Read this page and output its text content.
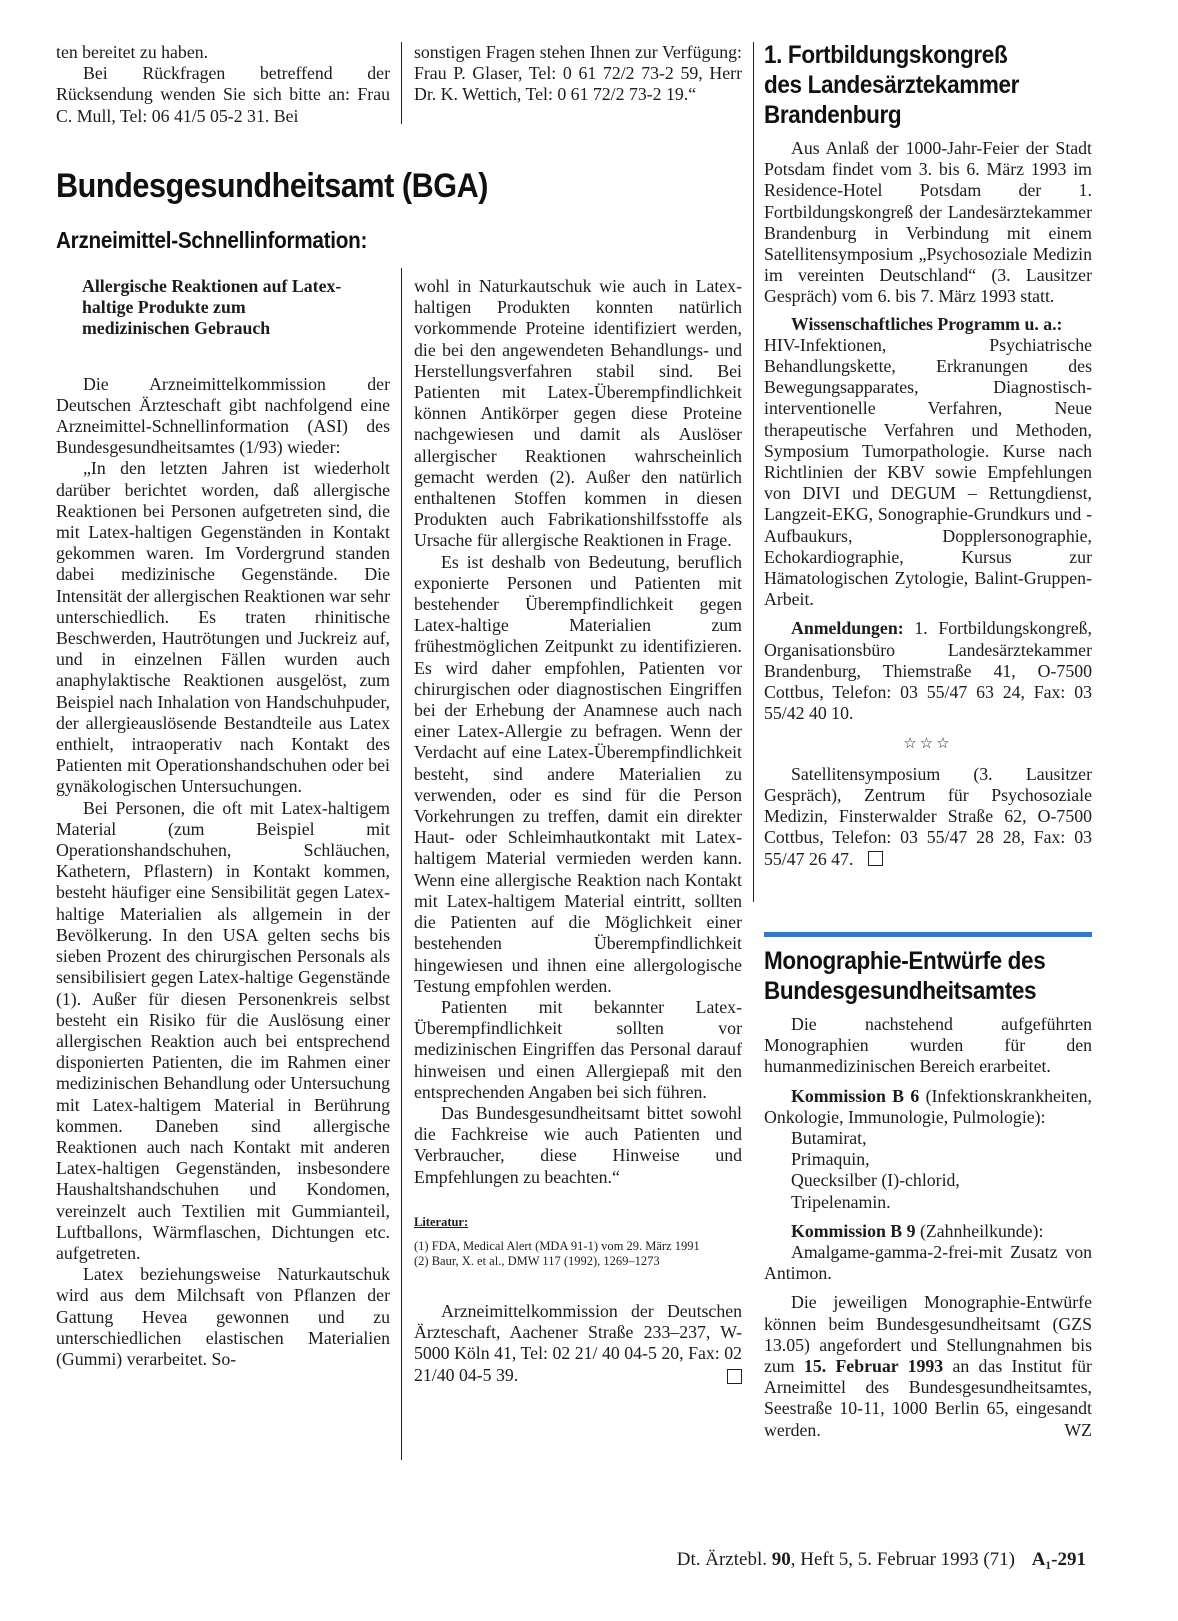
ten bereitet zu haben.

Bei Rückfragen betreffend der Rücksendung wenden Sie sich bitte an: Frau C. Mull, Tel: 06 41/5 05-2 31. Bei

sonstigen Fragen stehen Ihnen zur Verfügung: Frau P. Glaser, Tel: 0 61 72/2 73-2 59, Herr Dr. K. Wettich, Tel: 0 61 72/2 73-2 19.“

Bundesgesundheitsamt (BGA)
Arzneimittel-Schnellinformation:

Allergische Reaktionen auf Latex-haltige Produkte zum medizinischen Gebrauch

Die Arzneimittelkommission der Deutschen Ärzteschaft gibt nachfolgend eine Arzneimittel-Schnellinformation (ASI) des Bundesgesundheitsamtes (1/93) wieder:

„In den letzten Jahren ist wiederholt darüber berichtet worden, daß allergische Reaktionen bei Personen aufgetreten sind, die mit Latex-haltigen Gegenständen in Kontakt gekommen waren. Im Vordergrund standen dabei medizinische Gegenstände. Die Intensität der allergischen Reaktionen war sehr unterschiedlich. Es traten rhinitische Beschwerden, Hautrötungen und Juckreiz auf, und in einzelnen Fällen wurden auch anaphylaktische Reaktionen ausgelöst, zum Beispiel nach Inhalation von Handschuhpuder, der allergieauslösende Bestandteile aus Latex enthielt, intraoperativ nach Kontakt des Patienten mit Operationshandschuhen oder bei gynäkologischen Untersuchungen.

Bei Personen, die oft mit Latex-haltigem Material (zum Beispiel mit Operationshandschuhen, Schläuchen, Kathetern, Pflastern) in Kontakt kommen, besteht häufiger eine Sensibilität gegen Latex-haltige Materialien als allgemein in der Bevölkerung. In den USA gelten sechs bis sieben Prozent des chirurgischen Personals als sensibilisiert gegen Latex-haltige Gegenstände (1). Außer für diesen Personenkreis selbst besteht ein Risiko für die Auslösung einer allergischen Reaktion auch bei entsprechend disponierten Patienten, die im Rahmen einer medizinischen Behandlung oder Untersuchung mit Latex-haltigem Material in Berührung kommen. Daneben sind allergische Reaktionen auch nach Kontakt mit anderen Latex-haltigen Gegenständen, insbesondere Haushaltshandschuhen und Kondomen, vereinzelt auch Textilien mit Gummianteil, Luftballons, Wärmflaschen, Dichtungen etc. aufgetreten.

Latex beziehungsweise Naturkautschuk wird aus dem Milchsaft von Pflanzen der Gattung Hevea gewonnen und zu unterschiedlichen elastischen Materialien (Gummi) verarbeitet. So-

wohl in Naturkautschuk wie auch in Latex-haltigen Produkten konnten natürlich vorkommende Proteine identifiziert werden, die bei den angewendeten Behandlungs- und Herstellungsverfahren stabil sind. Bei Patienten mit Latex-Überempfindlichkeit können Antikörper gegen diese Proteine nachgewiesen und damit als Auslöser allergischer Reaktionen wahrscheinlich gemacht werden (2). Außer den natürlich enthaltenen Stoffen kommen in diesen Produkten auch Fabrikationshilfsstoffe als Ursache für allergische Reaktionen in Frage.

Es ist deshalb von Bedeutung, beruflich exponierte Personen und Patienten mit bestehender Überempfindlichkeit gegen Latex-haltige Materialien zum frühestmöglichen Zeitpunkt zu identifizieren. Es wird daher empfohlen, Patienten vor chirurgischen oder diagnostischen Eingriffen bei der Erhebung der Anamnese auch nach einer Latex-Allergie zu befragen. Wenn der Verdacht auf eine Latex-Überempfindlichkeit besteht, sind andere Materialien zu verwenden, oder es sind für die Person Vorkehrungen zu treffen, damit ein direkter Haut- oder Schleimhautkontakt mit Latex-haltigem Material vermieden werden kann. Wenn eine allergische Reaktion nach Kontakt mit Latex-haltigem Material eintritt, sollten die Patienten auf die Möglichkeit einer bestehenden Überempfindlichkeit hingewiesen und ihnen eine allergologische Testung empfohlen werden.

Patienten mit bekannter Latex-Überempfindlichkeit sollten vor medizinischen Eingriffen das Personal darauf hinweisen und einen Allergiepaß mit den entsprechenden Angaben bei sich führen.

Das Bundesgesundheitsamt bittet sowohl die Fachkreise wie auch Patienten und Verbraucher, diese Hinweise und Empfehlungen zu beachten.“

Literatur:

(1) FDA, Medical Alert (MDA 91-1) vom 29. März 1991

(2) Baur, X. et al., DMW 117 (1992), 1269–1273

Arzneimittelkommission der Deutschen Ärzteschaft, Aachener Straße 233–237, W-5000 Köln 41, Tel: 02 21/ 40 04-5 20, Fax: 02 21/40 04-5 39.

1. Fortbildungskongreß des Landesärztekammer Brandenburg

Aus Anlaß der 1000-Jahr-Feier der Stadt Potsdam findet vom 3. bis 6. März 1993 im Residence-Hotel Potsdam der 1. Fortbildungskongreß der Landesärztekammer Brandenburg in Verbindung mit einem Satellitensymposium „Psychosoziale Medizin im vereinten Deutschland“ (3. Lausitzer Gespräch) vom 6. bis 7. März 1993 statt.

Wissenschaftliches Programm u. a.: HIV-Infektionen, Psychiatrische Behandlungskette, Erkranungen des Bewegungsapparates, Diagnostisch-interventionelle Verfahren, Neue therapeutische Verfahren und Methoden, Symposium Tumorpathologie. Kurse nach Richtlinien der KBV sowie Empfehlungen von DIVI und DEGUM – Rettungdienst, Langzeit-EKG, Sonographie-Grundkurs und -Aufbaukurs, Dopplersonographie, Echokardiographie, Kursus zur Hämatologischen Zytologie, Balint-Gruppen-Arbeit.

Anmeldungen: 1. Fortbildungskongreß, Organisationsbüro Landesärztekammer Brandenburg, Thiemstraße 41, O-7500 Cottbus, Telefon: 03 55/47 63 24, Fax: 03 55/42 40 10.

☆☆☆

Satellitensymposium (3. Lausitzer Gespräch), Zentrum für Psychosoziale Medizin, Finsterwalder Straße 62, O-7500 Cottbus, Telefon: 03 55/47 28 28, Fax: 03 55/47 26 47.

Monographie-Entwürfe des Bundesgesundheitsamtes

Die nachstehend aufgeführten Monographien wurden für den humanmedizinischen Bereich erarbeitet.

Kommission B 6 (Infektionskrankheiten, Onkologie, Immunologie, Pulmologie):

Butamirat,

Primaquin,

Quecksilber (I)-chlorid,

Tripelenamin.

Kommission B 9 (Zahnheilkunde):

Amalgame-gamma-2-frei-mit Zusatz von Antimon.

Die jeweiligen Monographie-Entwürfe können beim Bundesgesundheitsamt (GZS 13.05) angefordert und Stellungnahmen bis zum 15. Februar 1993 an das Institut für Arneimittel des Bundesgesundheitsamtes, Seestraße 10-11, 1000 Berlin 65, eingesandt werden.	WZ

Dt. Ärztebl. 90, Heft 5, 5. Februar 1993 (71) A₁-291
